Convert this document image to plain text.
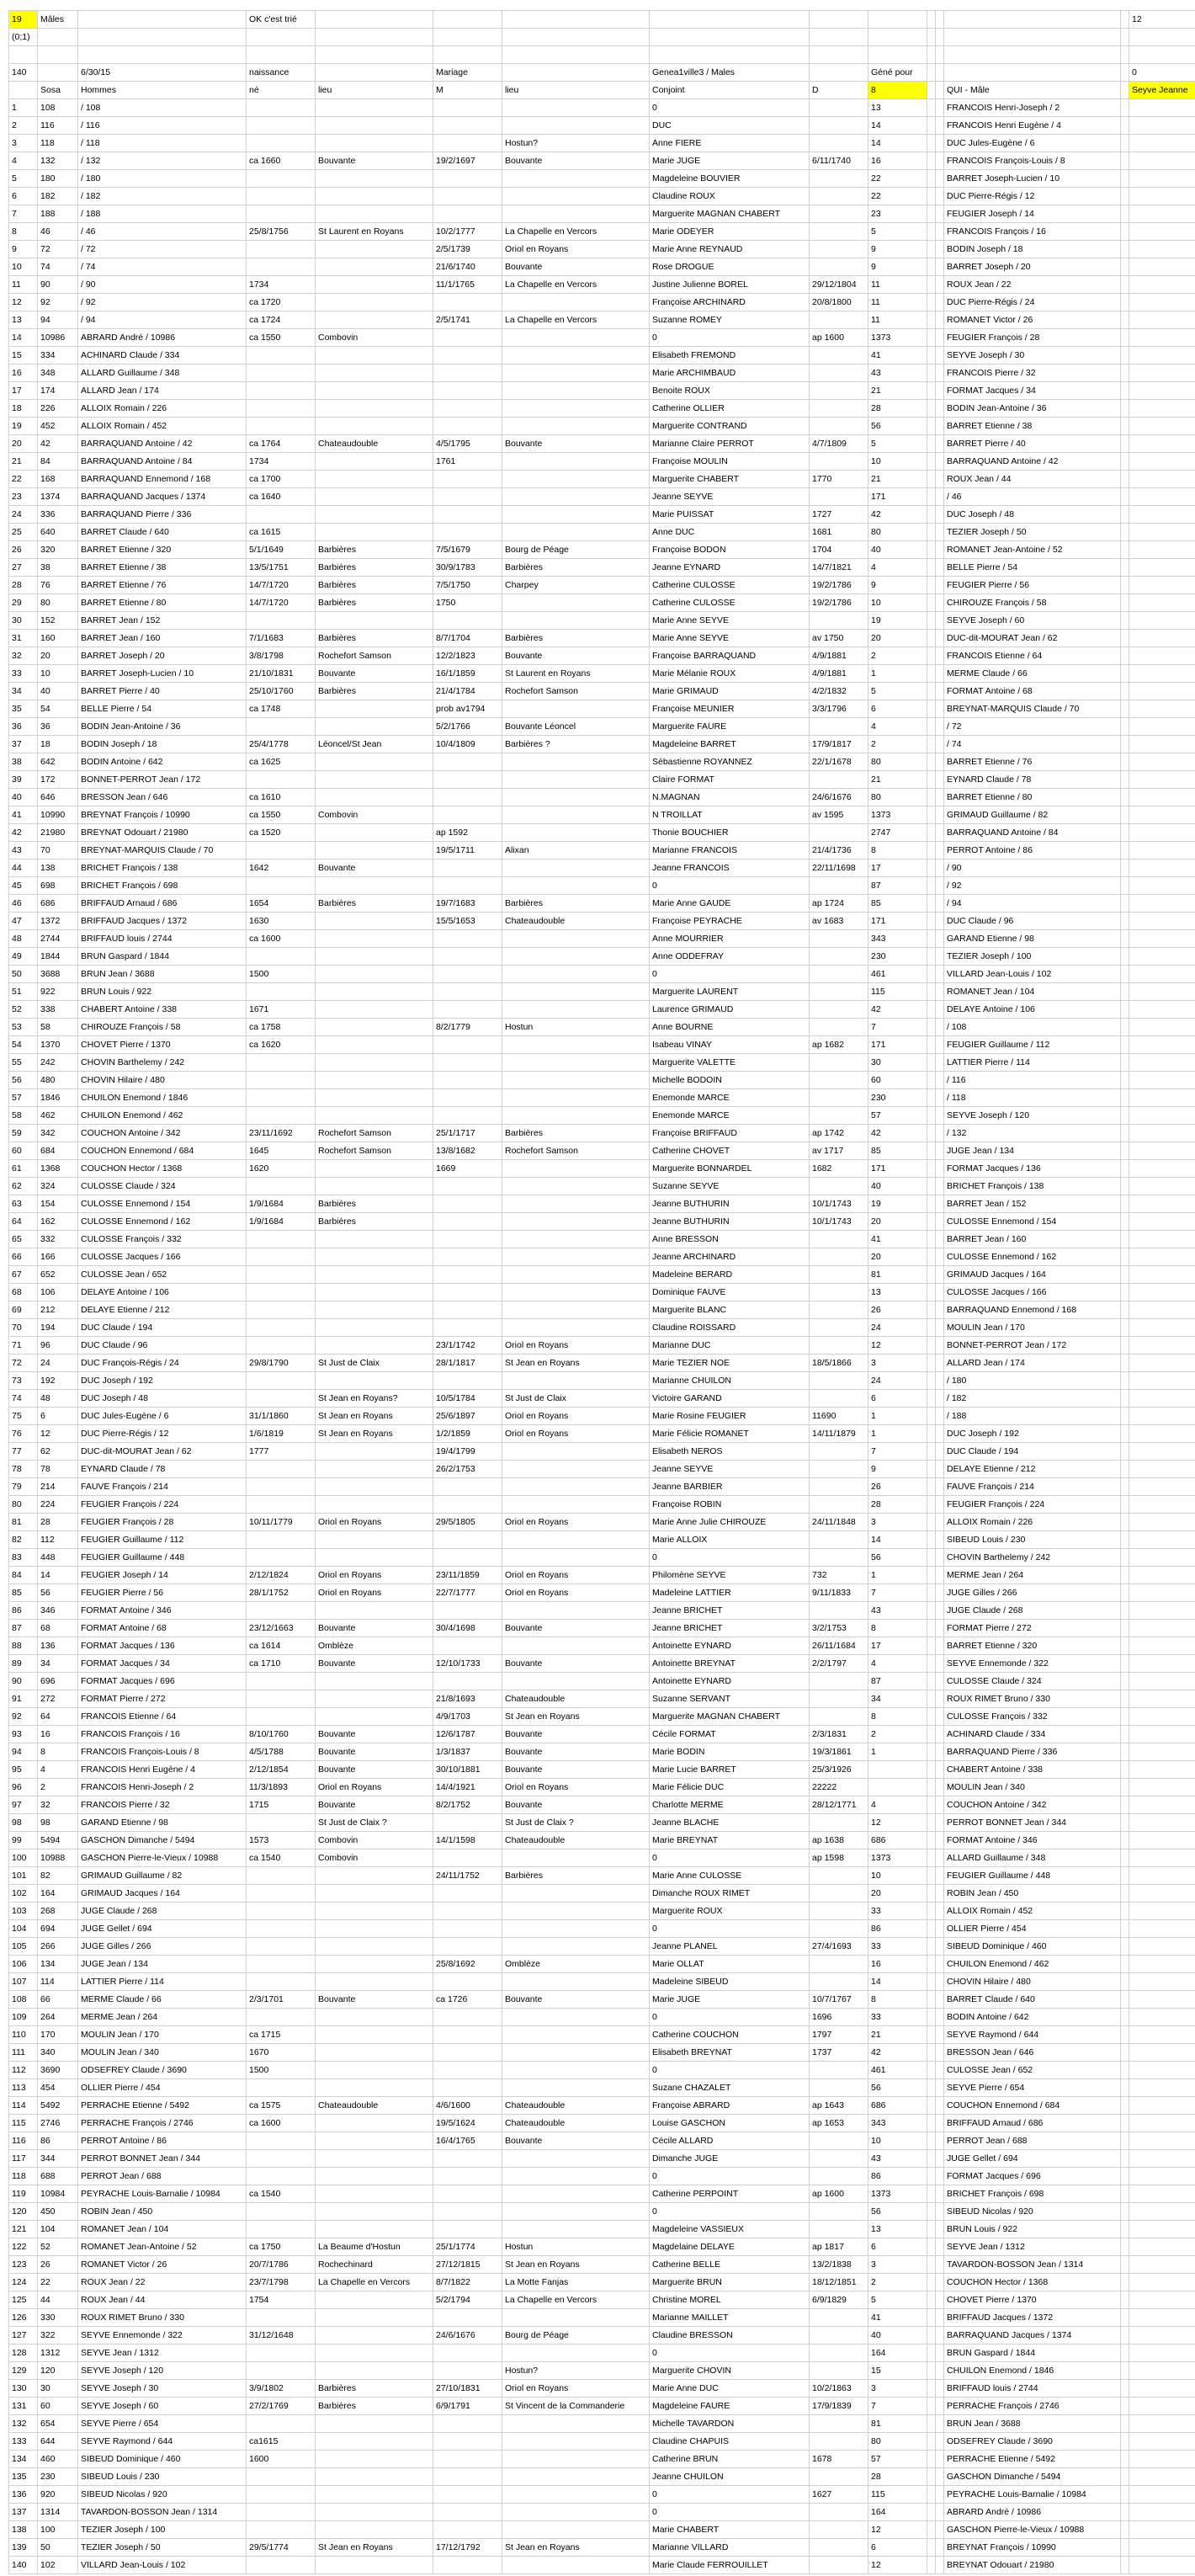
19	Mâles		OK c'est trié											12
(0;1)														

140		6/30/15	naissance		Mariage		Geneа1ville3 / Males		Géné pour					0
	Sosa	Hommes	né	lieu	M	lieu	Conjoint	D	8			QUI - Mâle		Seyve Jeanne
1	108	/ 108					0		13			FRANCOIS Henri-Joseph / 2		
2	116	/ 116					DUC		14			FRANCOIS Henri Eugène / 4		
3	118	/ 118				Hostun?	Anne FIERE		14			DUC Jules-Eugène / 6		
4	132	/ 132	ca 1660	Bouvante	19/2/1697	Bouvante	Marie JUGE	6/11/1740	16			FRANCOIS François-Louis / 8		
5	180	/ 180					Magdeleine BOUVIER		22			BARRET Joseph-Lucien / 10		
6	182	/ 182					Claudine ROUX		22			DUC Pierre-Régis / 12		
7	188	/ 188					Marguerite MAGNAN CHABERT		23			FEUGIER Joseph / 14		
8	46	/ 46	25/8/1756	St Laurent en Royans	10/2/1777	La Chapelle en Vercors	Marie ODEYER		5			FRANCOIS François / 16		
9	72	/ 72			2/5/1739	Oriol en Royans	Marie Anne REYNAUD		9			BODIN Joseph / 18		
10	74	/ 74			21/6/1740	Bouvante	Rose DROGUE		9			BARRET Joseph / 20		
11	90	/ 90	1734		11/1/1765	La Chapelle en Vercors	Justine Julienne BOREL	29/12/1804	11			ROUX Jean / 22		
12	92	/ 92	ca 1720				Françoise ARCHINARD	20/8/1800	11			DUC Pierre-Régis / 24		
13	94	/ 94	ca 1724		2/5/1741	La Chapelle en Vercors	Suzanne ROMEY		11			ROMANET Victor / 26		
14	10986	ABRARD André / 10986	ca 1550	Combovin			0	ap 1600	1373			FEUGIER François / 28		
15	334	ACHINARD Claude / 334					Elisabeth FREMOND		41			SEYVE Joseph / 30		
16	348	ALLARD Guillaume / 348					Marie ARCHIMBAUD		43			FRANCOIS Pierre / 32		
17	174	ALLARD Jean / 174					Benoite ROUX		21			FORMAT Jacques / 34		
18	226	ALLOIX Romain / 226					Catherine OLLIER		28			BODIN Jean-Antoine / 36		
19	452	ALLOIX Romain / 452					Marguerite CONTRAND		56			BARRET Etienne / 38		
20	42	BARRAQUAND Antoine / 42	ca 1764	Chateaudouble	4/5/1795	Bouvante	Marianne Claire PERROT	4/7/1809	5			BARRET Pierre / 40		
21	84	BARRAQUAND Antoine / 84	1734		1761		Françoise MOULIN		10			BARRAQUAND Antoine / 42		
22	168	BARRAQUAND Ennemond / 168	ca 1700				Marguerite CHABERT	1770	21			ROUX Jean / 44		
23	1374	BARRAQUAND Jacques / 1374	ca 1640				Jeanne SEYVE		171			/ 46		
24	336	BARRAQUAND Pierre / 336					Marie PUISSAT	1727	42			DUC Joseph / 48		
25	640	BARRET Claude / 640	ca 1615				Anne DUC	1681	80			TEZIER Joseph / 50		
26	320	BARRET Etienne / 320	5/1/1649	Barbières	7/5/1679	Bourg de Péage	Françoise BODON	1704	40			ROMANET Jean-Antoine / 52		
27	38	BARRET Etienne / 38	13/5/1751	Barbières	30/9/1783	Barbières	Jeanne EYNARD	14/7/1821	4			BELLE Pierre / 54		
28	76	BARRET Etienne / 76	14/7/1720	Barbières	7/5/1750	Charpey	Catherine CULOSSE	19/2/1786	9			FEUGIER Pierre / 56		
29	80	BARRET Etienne / 80	14/7/1720	Barbières	1750		Catherine CULOSSE	19/2/1786	10			CHIROUZE François / 58		
30	152	BARRET Jean / 152					Marie Anne SEYVE		19			SEYVE Joseph / 60		
31	160	BARRET Jean / 160	7/1/1683	Barbières	8/7/1704	Barbières	Marie Anne SEYVE	av 1750	20			DUC-dit-MOURAT Jean / 62		
32	20	BARRET Joseph / 20	3/8/1798	Rochefort Samson	12/2/1823	Bouvante	Françoise BARRAQUAND	4/9/1881	2			FRANCOIS Etienne / 64		
33	10	BARRET Joseph-Lucien / 10	21/10/1831	Bouvante	16/1/1859	St Laurent en Royans	Marie Mélanie ROUX	4/9/1881	1			MERME Claude / 66		
34	40	BARRET Pierre / 40	25/10/1760	Barbières	21/4/1784	Rochefort Samson	Marie GRIMAUD	4/2/1832	5			FORMAT Antoine / 68		
35	54	BELLE Pierre / 54	ca 1748		prob av1794		Françoise MEUNIER	3/3/1796	6			BREYNAT-MARQUIS Claude / 70		
36	36	BODIN Jean-Antoine / 36			5/2/1766	Bouvante Léoncel	Marguerite FAURE		4			/ 72		
37	18	BODIN Joseph / 18	25/4/1778	Léoncel/St Jean	10/4/1809	Barbières ?	Magdeleine BARRET	17/9/1817	2			/ 74		
38	642	BODIN Antoine / 642	ca 1625				Sébastienne ROYANNEZ	22/1/1678	80			BARRET Etienne / 76		
39	172	BONNET-PERROT Jean / 172					Claire FORMAT		21			EYNARD Claude / 78		
40	646	BRESSON Jean / 646	ca 1610				N.MAGNAN	24/6/1676	80			BARRET Etienne / 80		
41	10990	BREYNAT François / 10990	ca 1550	Combovin			N TROILLAT	av 1595	1373			GRIMAUD Guillaume / 82		
42	21980	BREYNAT Odouart / 21980	ca 1520		ap 1592		Thonie BOUCHIER		2747			BARRAQUAND Antoine / 84		
43	70	BREYNAT-MARQUIS Claude / 70			19/5/1711	Alixan	Marianne FRANCOIS	21/4/1736	8			PERROT Antoine / 86		
44	138	BRICHET François / 138	1642	Bouvante			Jeanne FRANCOIS	22/11/1698	17			/ 90		
45	698	BRICHET François / 698					0		87			/ 92		
46	686	BRIFFAUD Arnaud / 686	1654	Barbières	19/7/1683	Barbières	Marie Anne GAUDE	ap 1724	85			/ 94		
47	1372	BRIFFAUD Jacques / 1372	1630		15/5/1653	Chateaudouble	Françoise PEYRACHE	av 1683	171			DUC Claude / 96		
48	2744	BRIFFAUD louis / 2744	ca 1600				Anne MOURRIER		343			GARAND Etienne / 98		
49	1844	BRUN Gaspard / 1844					Anne ODDEFRAY		230			TEZIER Joseph / 100		
50	3688	BRUN Jean / 3688	1500				0		461			VILLARD Jean-Louis / 102		
51	922	BRUN Louis / 922					Marguerite LAURENT		115			ROMANET Jean / 104		
52	338	CHABERT Antoine / 338	1671				Laurence GRIMAUD		42			DELAYE Antoine / 106		
53	58	CHIROUZE François / 58	ca 1758		8/2/1779	Hostun	Anne BOURNE		7			/ 108		
54	1370	CHOVET Pierre / 1370	ca 1620				Isabeau VINAY	ap 1682	171			FEUGIER Guillaume / 112		
55	242	CHOVIN Barthelemy / 242					Marguerite VALETTE		30			LATTIER Pierre / 114		
56	480	CHOVIN Hilaire / 480					Michelle BODOIN		60			/ 116		
57	1846	CHUILON Enemond / 1846					Enemonde MARCE		230			/ 118		
58	462	CHUILON Enemond / 462					Enemonde MARCE		57			SEYVE Joseph / 120		
59	342	COUCHON Antoine / 342	23/11/1692	Rochefort Samson	25/1/1717	Barbières	Françoise BRIFFAUD	ap 1742	42			/ 132		
60	684	COUCHON Ennemond / 684	1645	Rochefort Samson	13/8/1682	Rochefort Samson	Catherine CHOVET	av 1717	85			JUGE Jean / 134		
61	1368	COUCHON Hector / 1368	1620		1669		Marguerite BONNARDEL	1682	171			FORMAT Jacques / 136		
62	324	CULOSSE Claude / 324					Suzanne SEYVE		40			BRICHET François / 138		
63	154	CULOSSE Ennemond / 154	1/9/1684	Barbières			Jeanne BUTHURIN	10/1/1743	19			BARRET Jean / 152		
64	162	CULOSSE Ennemond / 162	1/9/1684	Barbières			Jeanne BUTHURIN	10/1/1743	20			CULOSSE Ennemond / 154		
65	332	CULOSSE François / 332					Anne BRESSON		41			BARRET Jean / 160		
66	166	CULOSSE Jacques / 166					Jeanne ARCHINARD		20			CULOSSE Ennemond / 162		
67	652	CULOSSE Jean / 652					Madeleine BERARD		81			GRIMAUD Jacques / 164		
68	106	DELAYE Antoine / 106					Dominique FAUVE		13			CULOSSE Jacques / 166		
69	212	DELAYE Etienne / 212					Marguerite BLANC		26			BARRAQUAND Ennemond / 168		
70	194	DUC Claude / 194					Claudine ROISSARD		24			MOULIN Jean / 170		
71	96	DUC Claude / 96			23/1/1742	Oriol en Royans	Marianne DUC		12			BONNET-PERROT Jean / 172		
72	24	DUC François-Régis / 24	29/8/1790	St Just de Claix	28/1/1817	St Jean en Royans	Marie TEZIER NOE	18/5/1866	3			ALLARD Jean / 174		
73	192	DUC Joseph / 192					Marianne CHUILON		24			/ 180		
74	48	DUC Joseph / 48		St Jean en Royans?	10/5/1784	St Just de Claix	Victoire GARAND		6			/ 182		
75	6	DUC Jules-Eugène / 6	31/1/1860	St Jean en Royans	25/6/1897	Oriol en Royans	Marie Rosine FEUGIER	11690	1			/ 188		
76	12	DUC Pierre-Régis / 12	1/6/1819	St Jean en Royans	1/2/1859	Oriol en Royans	Marie Félicie ROMANET	14/11/1879	1			DUC Joseph / 192		
77	62	DUC-dit-MOURAT Jean / 62	1777		19/4/1799		Elisabeth NEROS		7			DUC Claude / 194		
78	78	EYNARD Claude / 78			26/2/1753		Jeanne SEYVE		9			DELAYE Etienne / 212		
79	214	FAUVE François / 214					Jeanne BARBIER		26			FAUVE François / 214		
80	224	FEUGIER François / 224					Françoise ROBIN		28			FEUGIER François / 224		
81	28	FEUGIER François / 28	10/11/1779	Oriol en Royans	29/5/1805	Oriol en Royans	Marie Anne Julie CHIROUZE	24/11/1848	3			ALLOIX Romain / 226		
82	112	FEUGIER Guillaume / 112					Marie ALLOIX		14			SIBEUD Louis / 230		
83	448	FEUGIER Guillaume / 448					0		56			CHOVIN Barthelemy / 242		
84	14	FEUGIER Joseph / 14	2/12/1824	Oriol en Royans	23/11/1859	Oriol en Royans	Philomène SEYVE	732	1			MERME Jean / 264		
85	56	FEUGIER Pierre / 56	28/1/1752	Oriol en Royans	22/7/1777	Oriol en Royans	Madeleine LATTIER	9/11/1833	7			JUGE Gilles / 266		
86	346	FORMAT Antoine / 346					Jeanne BRICHET		43			JUGE Claude / 268		
87	68	FORMAT Antoine / 68	23/12/1663	Bouvante	30/4/1698	Bouvante	Jeanne BRICHET	3/2/1753	8			FORMAT Pierre / 272		
88	136	FORMAT Jacques / 136	ca 1614	Omblèze			Antoinette EYNARD	26/11/1684	17			BARRET Etienne / 320		
89	34	FORMAT Jacques / 34	ca 1710	Bouvante	12/10/1733	Bouvante	Antoinette BREYNAT	2/2/1797	4			SEYVE Ennemonde / 322		
90	696	FORMAT Jacques / 696					Antoinette EYNARD		87			CULOSSE Claude / 324		
91	272	FORMAT Pierre / 272			21/8/1693	Chateaudouble	Suzanne SERVANT		34			ROUX RIMET Bruno / 330		
92	64	FRANCOIS Etienne / 64			4/9/1703	St Jean en Royans	Marguerite MAGNAN CHABERT		8			CULOSSE François / 332		
93	16	FRANCOIS François / 16	8/10/1760	Bouvante	12/6/1787	Bouvante	Cécile FORMAT	2/3/1831	2			ACHINARD Claude / 334		
94	8	FRANCOIS François-Louis / 8	4/5/1788	Bouvante	1/3/1837	Bouvante	Marie BODIN	19/3/1861	1			BARRAQUAND Pierre / 336		
95	4	FRANCOIS Henri Eugène / 4	2/12/1854	Bouvante	30/10/1881	Bouvante	Marie Lucie BARRET	25/3/1926				CHABERT Antoine / 338		
96	2	FRANCOIS Henri-Joseph / 2	11/3/1893	Oriol en Royans	14/4/1921	Oriol en Royans	Marie Félicie DUC	22222				MOULIN Jean / 340		
97	32	FRANCOIS Pierre / 32	1715	Bouvante	8/2/1752	Bouvante	Charlotte MERME	28/12/1771	4			COUCHON Antoine / 342		
98	98	GARAND Etienne / 98		St Just de Claix ?		St Just de Claix ?	Jeanne BLACHE		12			PERROT BONNET Jean / 344		
99	5494	GASCHON Dimanche / 5494	1573	Combovin	14/1/1598	Chateaudouble	Marie BREYNAT	ap 1638	686			FORMAT Antoine / 346		
100	10988	GASCHON Pierre-le-Vieux / 10988	ca 1540	Combovin			0	ap 1598	1373			ALLARD Guillaume / 348		
101	82	GRIMAUD Guillaume / 82			24/11/1752	Barbières	Marie Anne CULOSSE		10			FEUGIER Guillaume / 448		
102	164	GRIMAUD Jacques / 164					Dimanche ROUX RIMET		20			ROBIN Jean / 450		
103	268	JUGE Claude / 268					Marguerite ROUX		33			ALLOIX Romain / 452		
104	694	JUGE Gellet / 694					0		86			OLLIER Pierre / 454		
105	266	JUGE Gilles / 266					Jeanne PLANEL	27/4/1693	33			SIBEUD Dominique / 460		
106	134	JUGE Jean / 134			25/8/1692	Omblèze	Marie OLLAT		16			CHUILON Enemond / 462		
107	114	LATTIER Pierre / 114					Madeleine SIBEUD		14			CHOVIN Hilaire / 480		
108	66	MERME Claude / 66	2/3/1701	Bouvante	ca 1726	Bouvante	Marie JUGE	10/7/1767	8			BARRET Claude / 640		
109	264	MERME Jean / 264					0	1696	33			BODIN Antoine / 642		
110	170	MOULIN Jean / 170	ca 1715				Catherine COUCHON	1797	21			SEYVE Raymond / 644		
111	340	MOULIN Jean / 340	1670				Elisabeth BREYNAT	1737	42			BRESSON Jean / 646		
112	3690	ODSEFREY Claude / 3690	1500				0		461			CULOSSE Jean / 652		
113	454	OLLIER Pierre / 454					Suzane CHAZALET		56			SEYVE Pierre / 654		
114	5492	PERRACHE Etienne / 5492	ca 1575	Chateaudouble	4/6/1600	Chateaudouble	Françoise ABRARD	ap 1643	686			COUCHON Ennemond / 684		
115	2746	PERRACHE François / 2746	ca 1600		19/5/1624	Chateaudouble	Louise GASCHON	ap 1653	343			BRIFFAUD Arnaud / 686		
116	86	PERROT Antoine / 86			16/4/1765	Bouvante	Cécile ALLARD		10			PERROT Jean / 688		
117	344	PERROT BONNET Jean / 344					Dimanche JUGE		43			JUGE Gellet / 694		
118	688	PERROT Jean / 688					0		86			FORMAT Jacques / 696		
119	10984	PEYRACHE Louis-Barnalie / 10984	ca 1540				Catherine PERPOINT	ap 1600	1373			BRICHET François / 698		
120	450	ROBIN Jean / 450					0		56			SIBEUD Nicolas / 920		
121	104	ROMANET Jean / 104					Magdeleine VASSIEUX		13			BRUN Louis / 922		
122	52	ROMANET Jean-Antoine / 52	ca 1750	La Beaume d'Hostun	25/1/1774	Hostun	Magdelaine DELAYE	ap 1817	6			SEYVE Jean / 1312		
123	26	ROMANET Victor / 26	20/7/1786	Rochechinard	27/12/1815	St Jean en Royans	Catherine BELLE	13/2/1838	3			TAVARDON-BOSSON Jean / 1314		
124	22	ROUX Jean / 22	23/7/1798	La Chapelle en Vercors	8/7/1822	La Motte Fanjas	Marguerite BRUN	18/12/1851	2			COUCHON Hector / 1368		
125	44	ROUX Jean / 44	1754		5/2/1794	La Chapelle en Vercors	Christine MOREL	6/9/1829	5			CHOVET Pierre / 1370		
126	330	ROUX RIMET Bruno / 330					Marianne MAILLET		41			BRIFFAUD Jacques / 1372		
127	322	SEYVE Ennemonde / 322	31/12/1648		24/6/1676	Bourg de Péage	Claudine BRESSON		40			BARRAQUAND Jacques / 1374		
128	1312	SEYVE Jean / 1312					0		164			BRUN Gaspard / 1844		
129	120	SEYVE Joseph / 120				Hostun?	Marguerite CHOVIN		15			CHUILON Enemond / 1846		
130	30	SEYVE Joseph / 30	3/9/1802	Barbières	27/10/1831	Oriol en Royans	Marie Anne DUC	10/2/1863	3			BRIFFAUD louis / 2744		
131	60	SEYVE Joseph / 60	27/2/1769	Barbières	6/9/1791	St Vincent de la Commanderie	Magdeleine FAURE	17/9/1839	7			PERRACHE François / 2746		
132	654	SEYVE Pierre / 654					Michelle TAVARDON		81			BRUN Jean / 3688		
133	644	SEYVE Raymond / 644	ca1615				Claudine CHAPUIS		80			ODSEFREY Claude / 3690		
134	460	SIBEUD Dominique / 460	1600				Catherine BRUN	1678	57			PERRACHE Etienne / 5492		
135	230	SIBEUD Louis / 230					Jeanne CHUILON		28			GASCHON Dimanche / 5494		
136	920	SIBEUD Nicolas / 920					0	1627	115			PEYRACHE Louis-Barnalie / 10984		
137	1314	TAVARDON-BOSSON Jean / 1314					0		164			ABRARD André / 10986		
138	100	TEZIER Joseph / 100					Marie CHABERT		12			GASCHON Pierre-le-Vieux / 10988		
139	50	TEZIER Joseph / 50	29/5/1774	St Jean en Royans	17/12/1792	St Jean en Royans	Marianne VILLARD		6			BREYNAT François / 10990		
140	102	VILLARD Jean-Louis / 102					Marie Claude FERROUILLET		12			BREYNAT Odouart / 21980		
